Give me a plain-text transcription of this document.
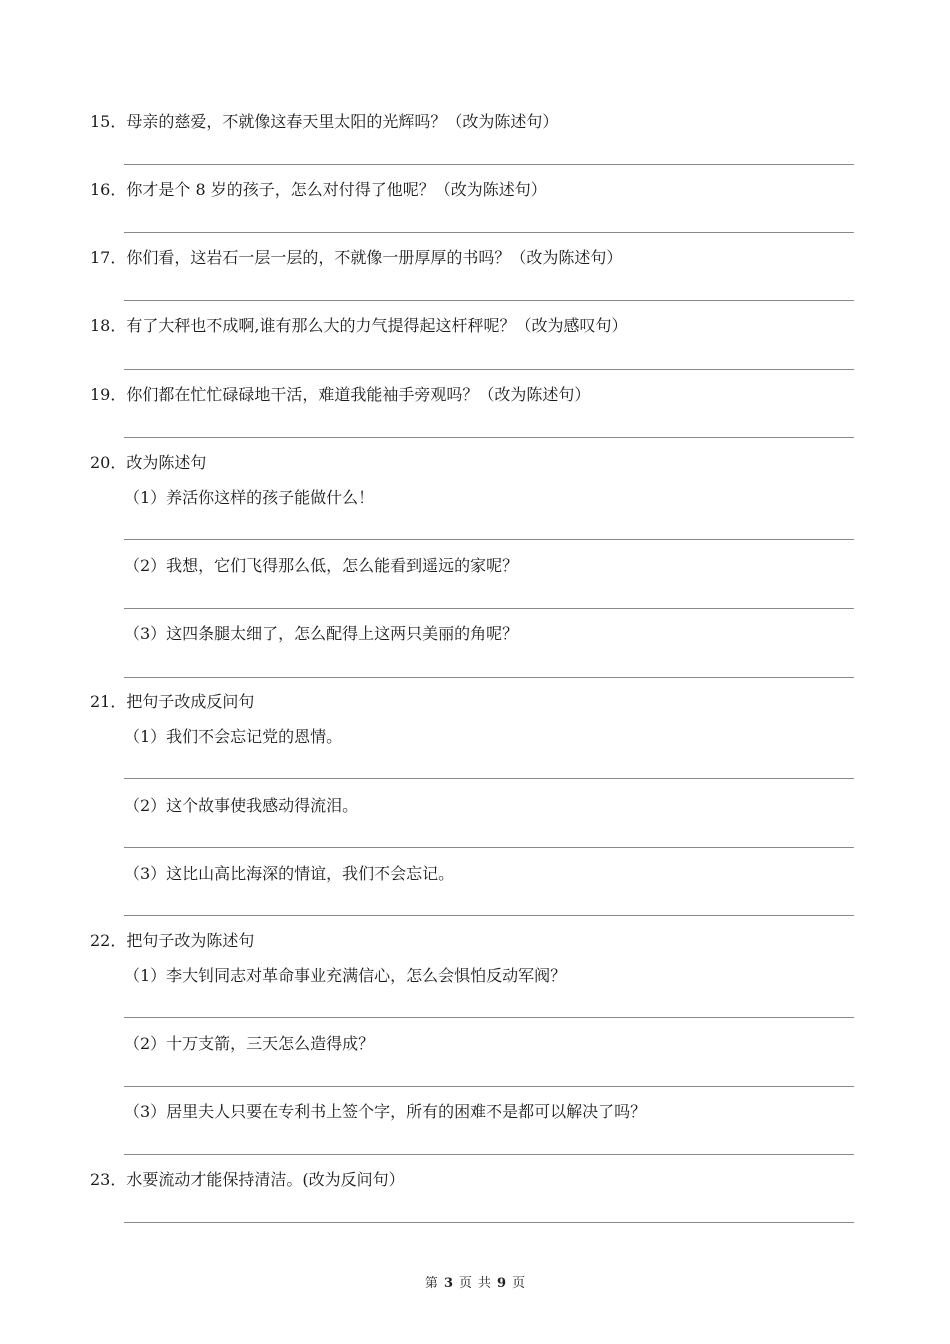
15．母亲的慈爱，不就像这春天里太阳的光辉吗？（改为陈述句）
16．你才是个 8 岁的孩子，怎么对付得了他呢？（改为陈述句）
17．你们看，这岩石一层一层的，不就像一册厚厚的书吗？（改为陈述句）
18．有了大秤也不成啊,谁有那么大的力气提得起这杆秤呢？（改为感叹句）
19．你们都在忙忙碌碌地干活，难道我能袖手旁观吗？（改为陈述句）
20．改为陈述句
（1）养活你这样的孩子能做什么！
（2）我想，它们飞得那么低，怎么能看到遥远的家呢？
（3）这四条腿太细了，怎么配得上这两只美丽的角呢？
21．把句子改成反问句
（1）我们不会忘记党的恩情。
（2）这个故事使我感动得流泪。
（3）这比山高比海深的情谊，我们不会忘记。
22．把句子改为陈述句
（1）李大钊同志对革命事业充满信心，怎么会惧怕反动军阀？
（2）十万支箭，三天怎么造得成？
（3）居里夫人只要在专利书上签个字，所有的困难不是都可以解决了吗？
23．水要流动才能保持清洁。(改为反问句）
第 3 页 共 9 页
